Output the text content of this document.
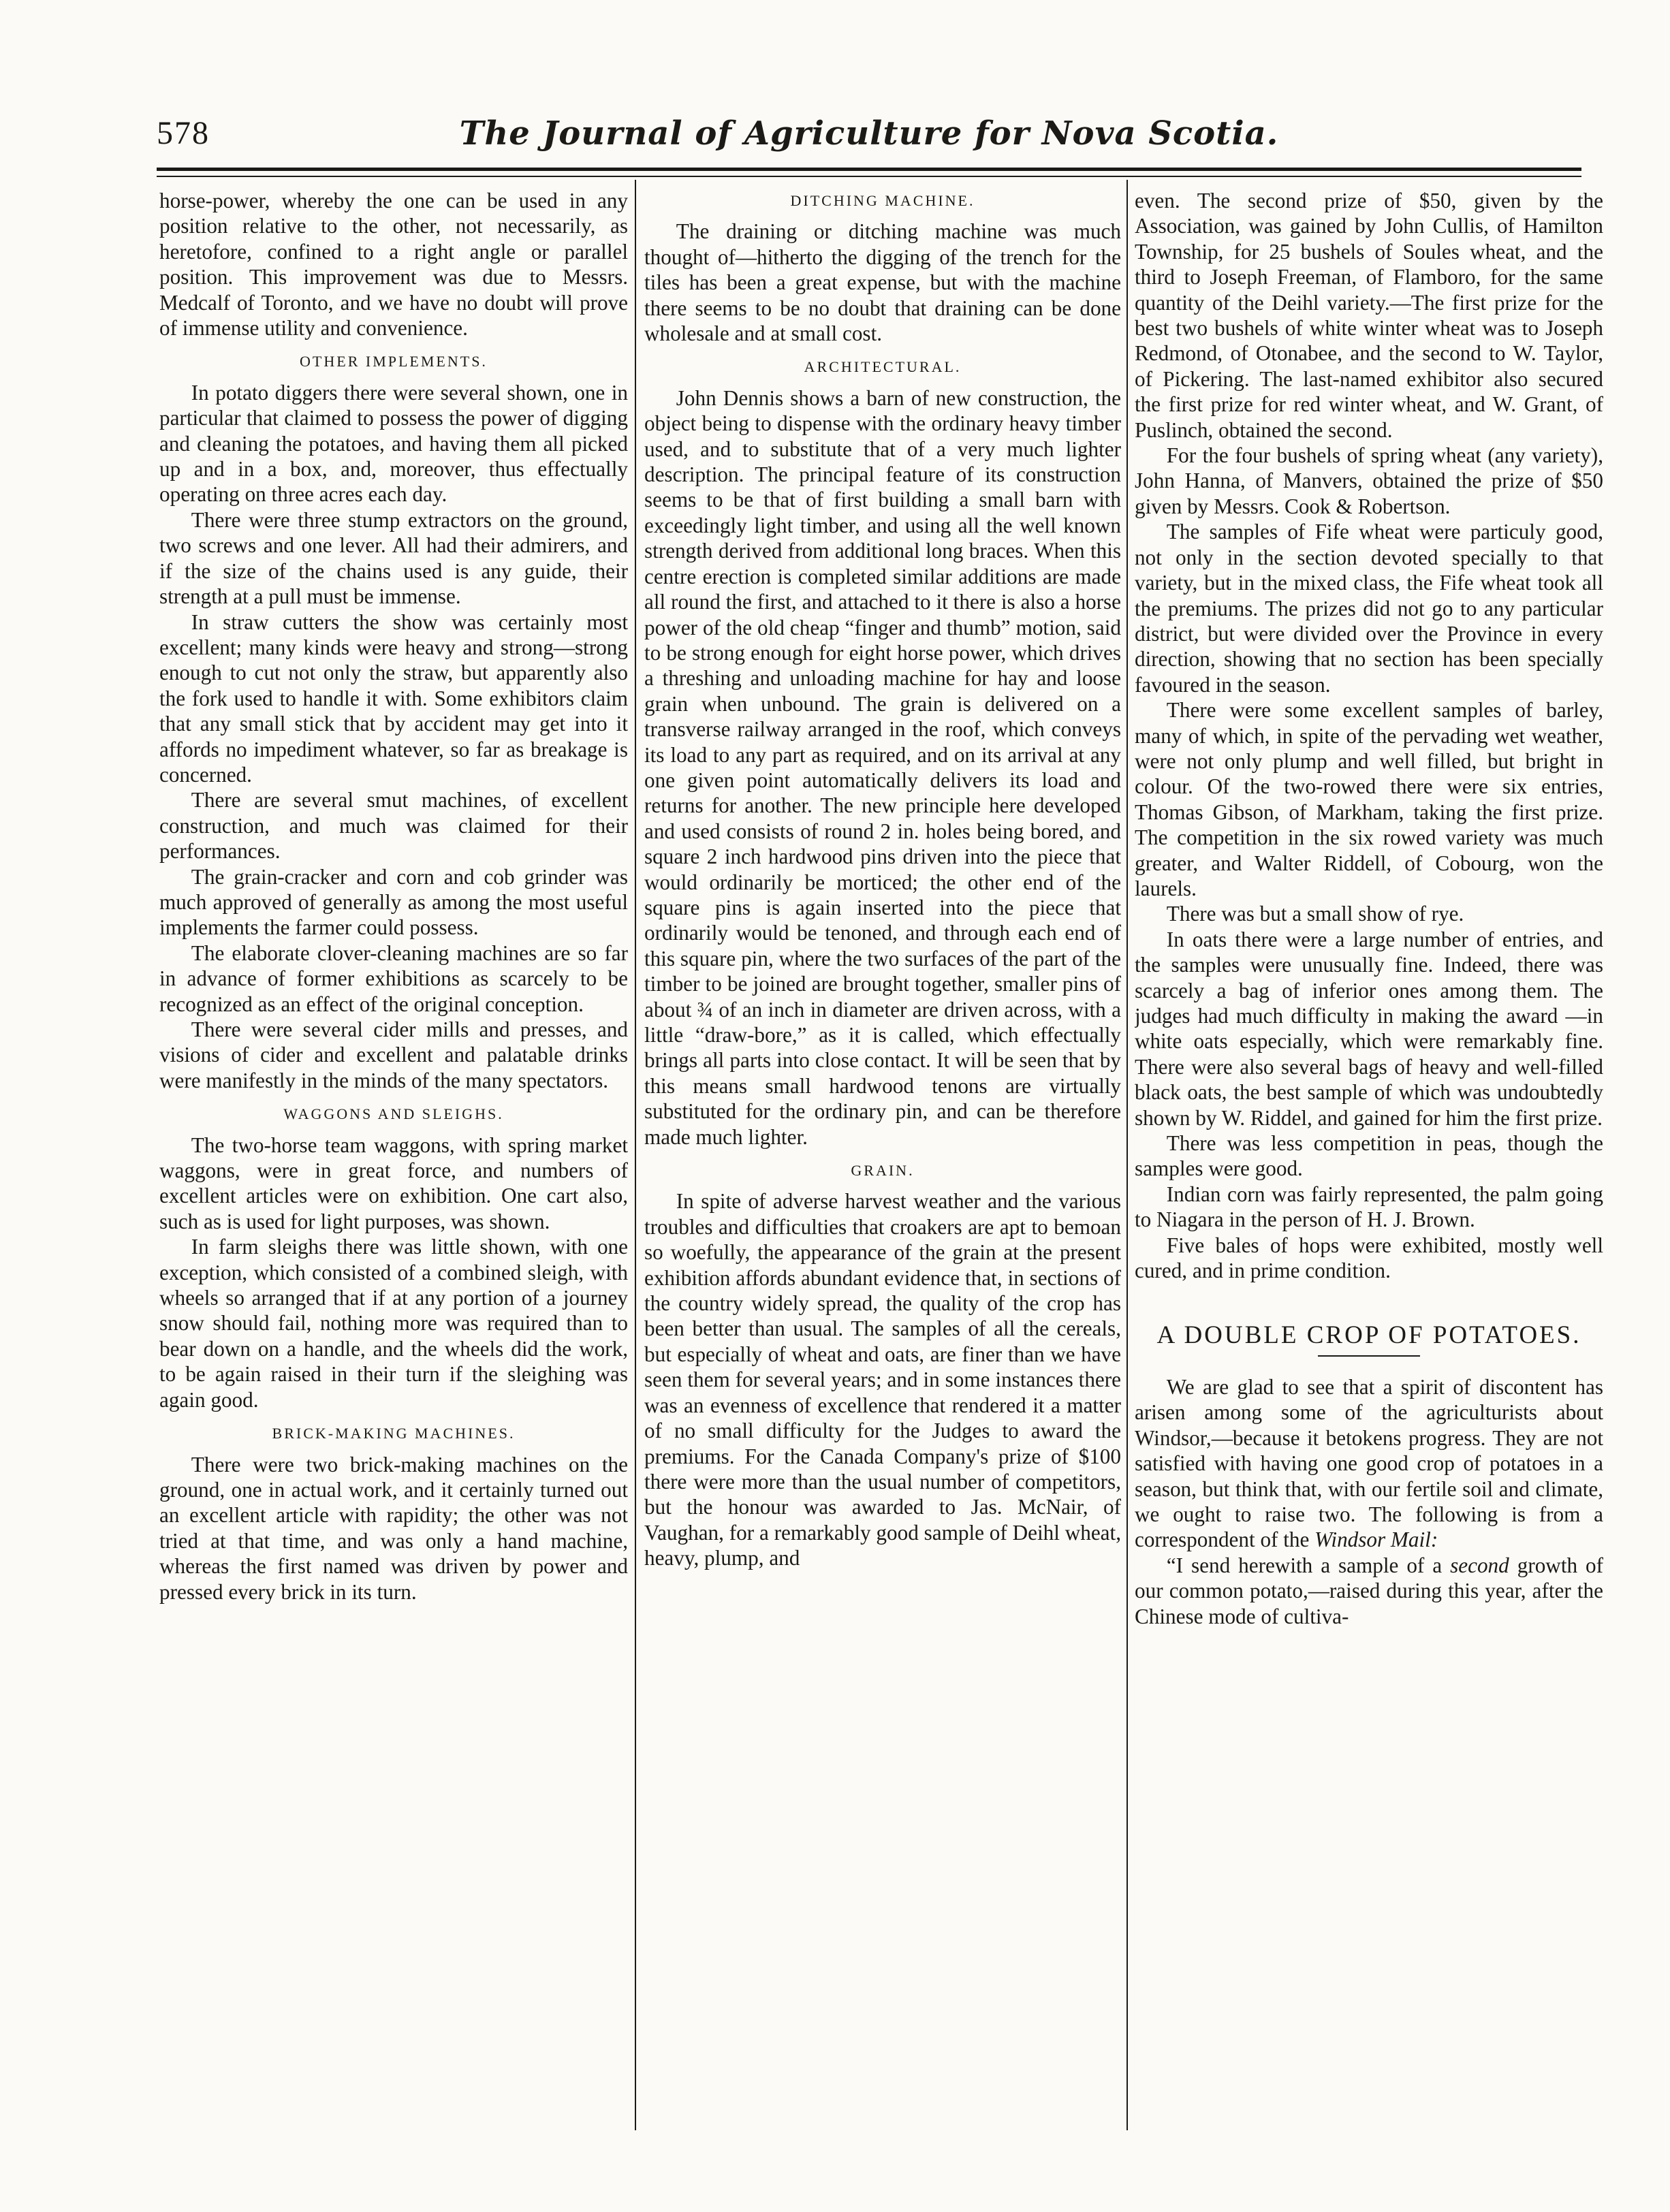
578	The Journal of Agriculture for Nova Scotia.

horse-power, whereby the one can be used in any position relative to the other, not necessarily, as heretofore, confined to a right angle or parallel position. This improvement was due to Messrs. Medcalf of Toronto, and we have no doubt will prove of immense utility and convenience.

OTHER IMPLEMENTS.

In potato diggers there were several shown, one in particular that claimed to possess the power of digging and cleaning the potatoes, and having them all picked up and in a box, and, moreover, thus effectually operating on three acres each day.

There were three stump extractors on the ground, two screws and one lever. All had their admirers, and if the size of the chains used is any guide, their strength at a pull must be immense.

In straw cutters the show was certainly most excellent; many kinds were heavy and strong—strong enough to cut not only the straw, but apparently also the fork used to handle it with. Some exhibitors claim that any small stick that by accident may get into it affords no impediment whatever, so far as breakage is concerned.

There are several smut machines, of excellent construction, and much was claimed for their performances.

The grain-cracker and corn and cob grinder was much approved of generally as among the most useful implements the farmer could possess.

The elaborate clover-cleaning machines are so far in advance of former exhibitions as scarcely to be recognized as an effect of the original conception.

There were several cider mills and presses, and visions of cider and excellent and palatable drinks were manifestly in the minds of the many spectators.

WAGGONS AND SLEIGHS.

The two-horse team waggons, with spring market waggons, were in great force, and numbers of excellent articles were on exhibition. One cart also, such as is used for light purposes, was shown.

In farm sleighs there was little shown, with one exception, which consisted of a combined sleigh, with wheels so arranged that if at any portion of a journey snow should fail, nothing more was required than to bear down on a handle, and the wheels did the work, to be again raised in their turn if the sleighing was again good.

BRICK-MAKING MACHINES.

There were two brick-making machines on the ground, one in actual work, and it certainly turned out an excellent article with rapidity; the other was not tried at that time, and was only a hand machine, whereas the first named was driven by power and pressed every brick in its turn.

DITCHING MACHINE.

The draining or ditching machine was much thought of—hitherto the digging of the trench for the tiles has been a great expense, but with the machine there seems to be no doubt that draining can be done wholesale and at small cost.

ARCHITECTURAL.

John Dennis shows a barn of new construction, the object being to dispense with the ordinary heavy timber used, and to substitute that of a very much lighter description. The principal feature of its construction seems to be that of first building a small barn with exceedingly light timber, and using all the well known strength derived from additional long braces. When this centre erection is completed similar additions are made all round the first, and attached to it there is also a horse power of the old cheap “finger and thumb” motion, said to be strong enough for eight horse power, which drives a threshing and unloading machine for hay and loose grain when unbound. The grain is delivered on a transverse railway arranged in the roof, which conveys its load to any part as required, and on its arrival at any one given point automatically delivers its load and returns for another. The new principle here developed and used consists of round 2 in. holes being bored, and square 2 inch hardwood pins driven into the piece that would ordinarily be morticed; the other end of the square pins is again inserted into the piece that ordinarily would be tenoned, and through each end of this square pin, where the two surfaces of the part of the timber to be joined are brought together, smaller pins of about ¾ of an inch in diameter are driven across, with a little “draw-bore,” as it is called, which effectually brings all parts into close contact. It will be seen that by this means small hardwood tenons are virtually substituted for the ordinary pin, and can be therefore made much lighter.

GRAIN.

In spite of adverse harvest weather and the various troubles and difficulties that croakers are apt to bemoan so woefully, the appearance of the grain at the present exhibition affords abundant evidence that, in sections of the country widely spread, the quality of the crop has been better than usual. The samples of all the cereals, but especially of wheat and oats, are finer than we have seen them for several years; and in some instances there was an evenness of excellence that rendered it a matter of no small difficulty for the Judges to award the premiums. For the Canada Company's prize of $100 there were more than the usual number of competitors, but the honour was awarded to Jas. McNair, of Vaughan, for a remarkably good sample of Deihl wheat, heavy, plump, and

even. The second prize of $50, given by the Association, was gained by John Cullis, of Hamilton Township, for 25 bushels of Soules wheat, and the third to Joseph Freeman, of Flamboro, for the same quantity of the Deihl variety.—The first prize for the best two bushels of white winter wheat was to Joseph Redmond, of Otonabee, and the second to W. Taylor, of Pickering. The last-named exhibitor also secured the first prize for red winter wheat, and W. Grant, of Puslinch, obtained the second.

For the four bushels of spring wheat (any variety), John Hanna, of Manvers, obtained the prize of $50 given by Messrs. Cook & Robertson.

The samples of Fife wheat were particuly good, not only in the section devoted specially to that variety, but in the mixed class, the Fife wheat took all the premiums. The prizes did not go to any particular district, but were divided over the Province in every direction, showing that no section has been specially favoured in the season.

There were some excellent samples of barley, many of which, in spite of the pervading wet weather, were not only plump and well filled, but bright in colour. Of the two-rowed there were six entries, Thomas Gibson, of Markham, taking the first prize. The competition in the six rowed variety was much greater, and Walter Riddell, of Cobourg, won the laurels.

There was but a small show of rye.

In oats there were a large number of entries, and the samples were unusually fine. Indeed, there was scarcely a bag of inferior ones among them. The judges had much difficulty in making the award —in white oats especially, which were remarkably fine. There were also several bags of heavy and well-filled black oats, the best sample of which was undoubtedly shown by W. Riddel, and gained for him the first prize.

There was less competition in peas, though the samples were good.

Indian corn was fairly represented, the palm going to Niagara in the person of H. J. Brown.

Five bales of hops were exhibited, mostly well cured, and in prime condition.

A DOUBLE CROP OF POTATOES.

We are glad to see that a spirit of discontent has arisen among some of the agriculturists about Windsor,—because it betokens progress. They are not satisfied with having one good crop of potatoes in a season, but think that, with our fertile soil and climate, we ought to raise two. The following is from a correspondent of the Windsor Mail:

“I send herewith a sample of a second growth of our common potato,—raised during this year, after the Chinese mode of cultiva-
